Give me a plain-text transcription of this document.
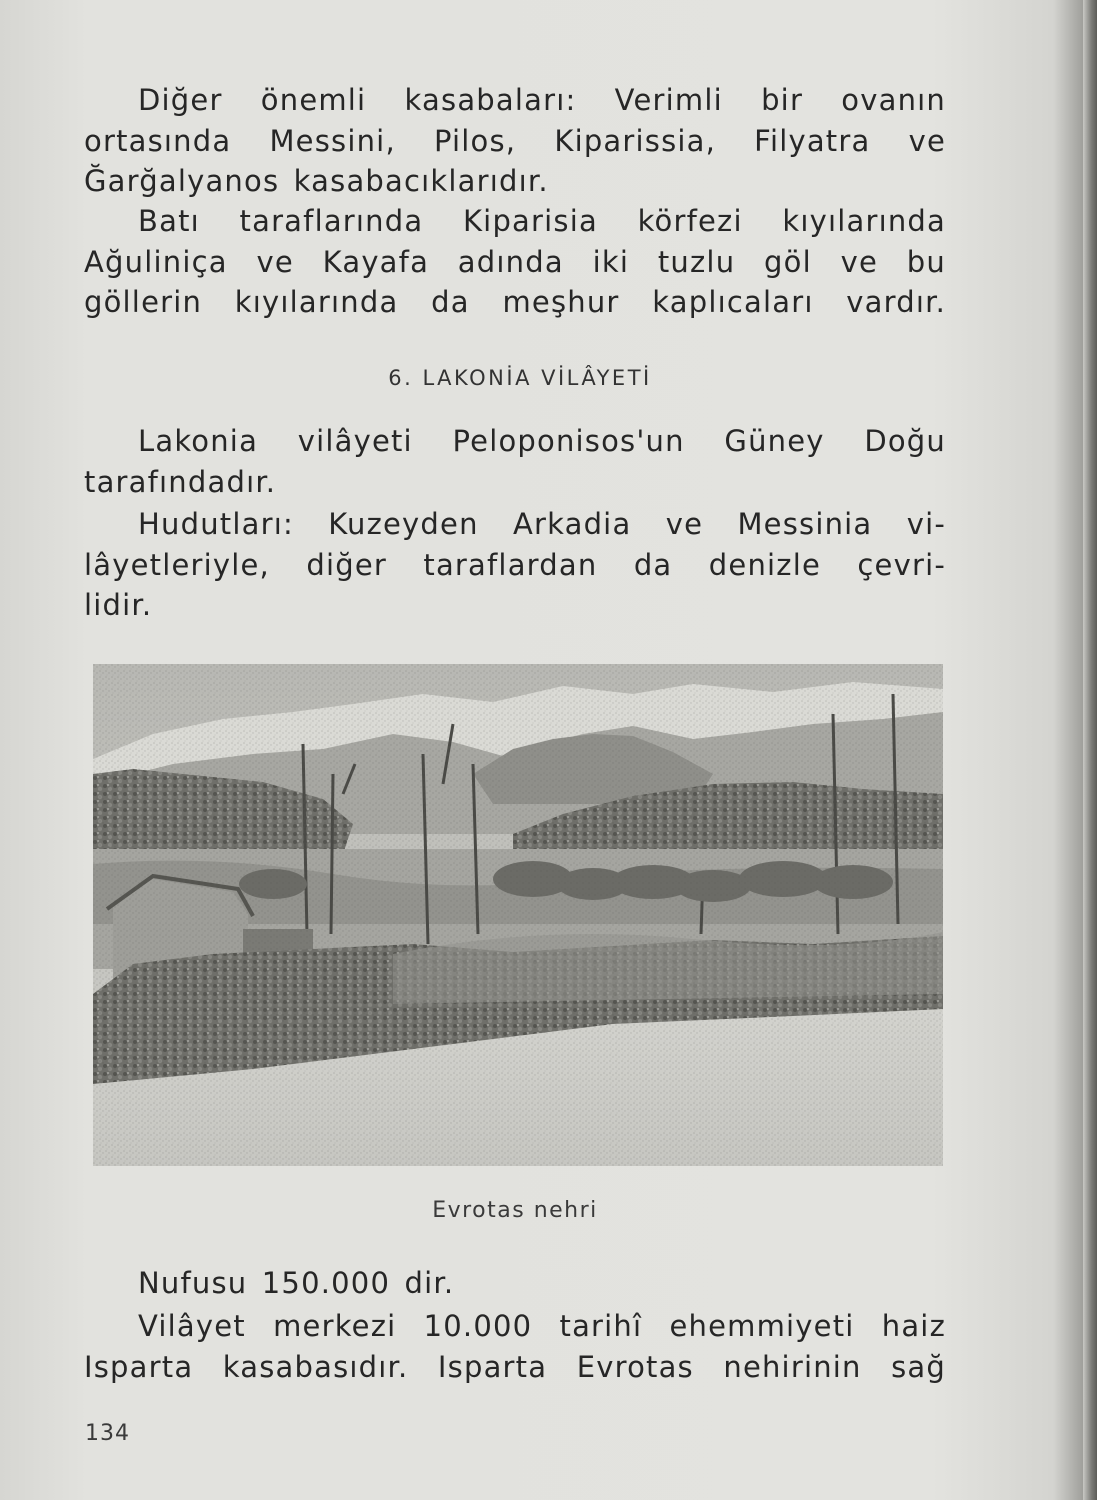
Diğer önemli kasabaları: Verimli bir ovanın
ortasında Messini, Pilos, Kiparissia, Filyatra ve
Ğarğalyanos kasabacıklarıdır.
Batı taraflarında Kiparisia körfezi kıyılarında
Ağuliniça ve Kayafa adında iki tuzlu göl ve bu
göllerin kıyılarında da meşhur kaplıcaları vardır.
6. LAKONİA VİLÂYETİ
Lakonia vilâyeti Peloponisos'un Güney Doğu
tarafındadır.
Hudutları: Kuzeyden Arkadia ve Messinia vi-
lâyetleriyle, diğer taraflardan da denizle çevri-
lidir.
Evrotas nehri
Nufusu 150.000 dir.
Vilâyet merkezi 10.000 tarihî ehemmiyeti haiz
Isparta kasabasıdır. Isparta Evrotas nehirinin sağ
134
